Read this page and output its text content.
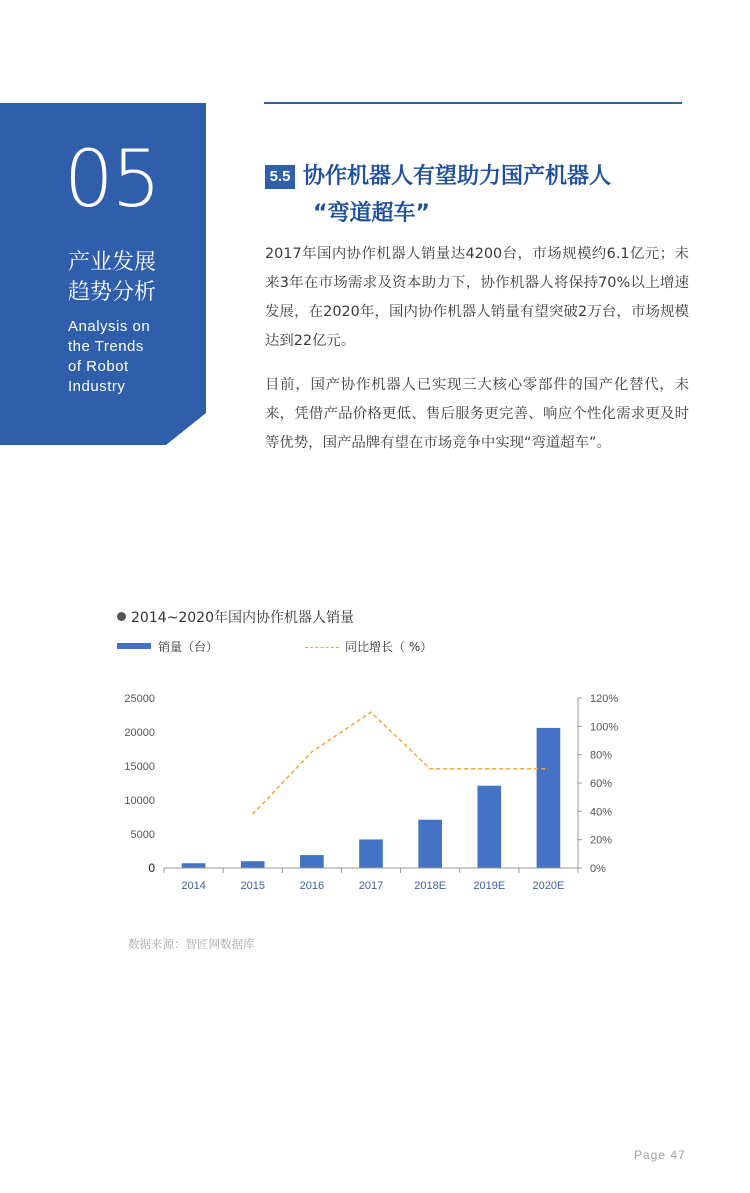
05
产业发展
趋势分析
Analysis on
the Trends
of Robot
Industry
5.5 协作机器人有望助力国产机器人
“弯道超车”

2017年国内协作机器人销量达4200台，市场规模约6.1亿元；未来3年在市场需求及资本助力下，协作机器人将保持70%以上增速发展，在2020年，国内协作机器人销量有望突破2万台，市场规模达到22亿元。

目前，国产协作机器人已实现三大核心零部件的国产化替代，未来，凭借产品价格更低、售后服务更完善、响应个性化需求更及时等优势，国产品牌有望在市场竞争中实现“弯道超车”。

2014~2020年国内协作机器人销量
销量（台）	同比增长（ %）
0
5000
10000
15000
20000
25000
0%
20%
40%
60%
80%
100%
120%
2014	2015	2016	2017	2018E 2019E 2020E
数据来源：智匠网数据库
Page 47
